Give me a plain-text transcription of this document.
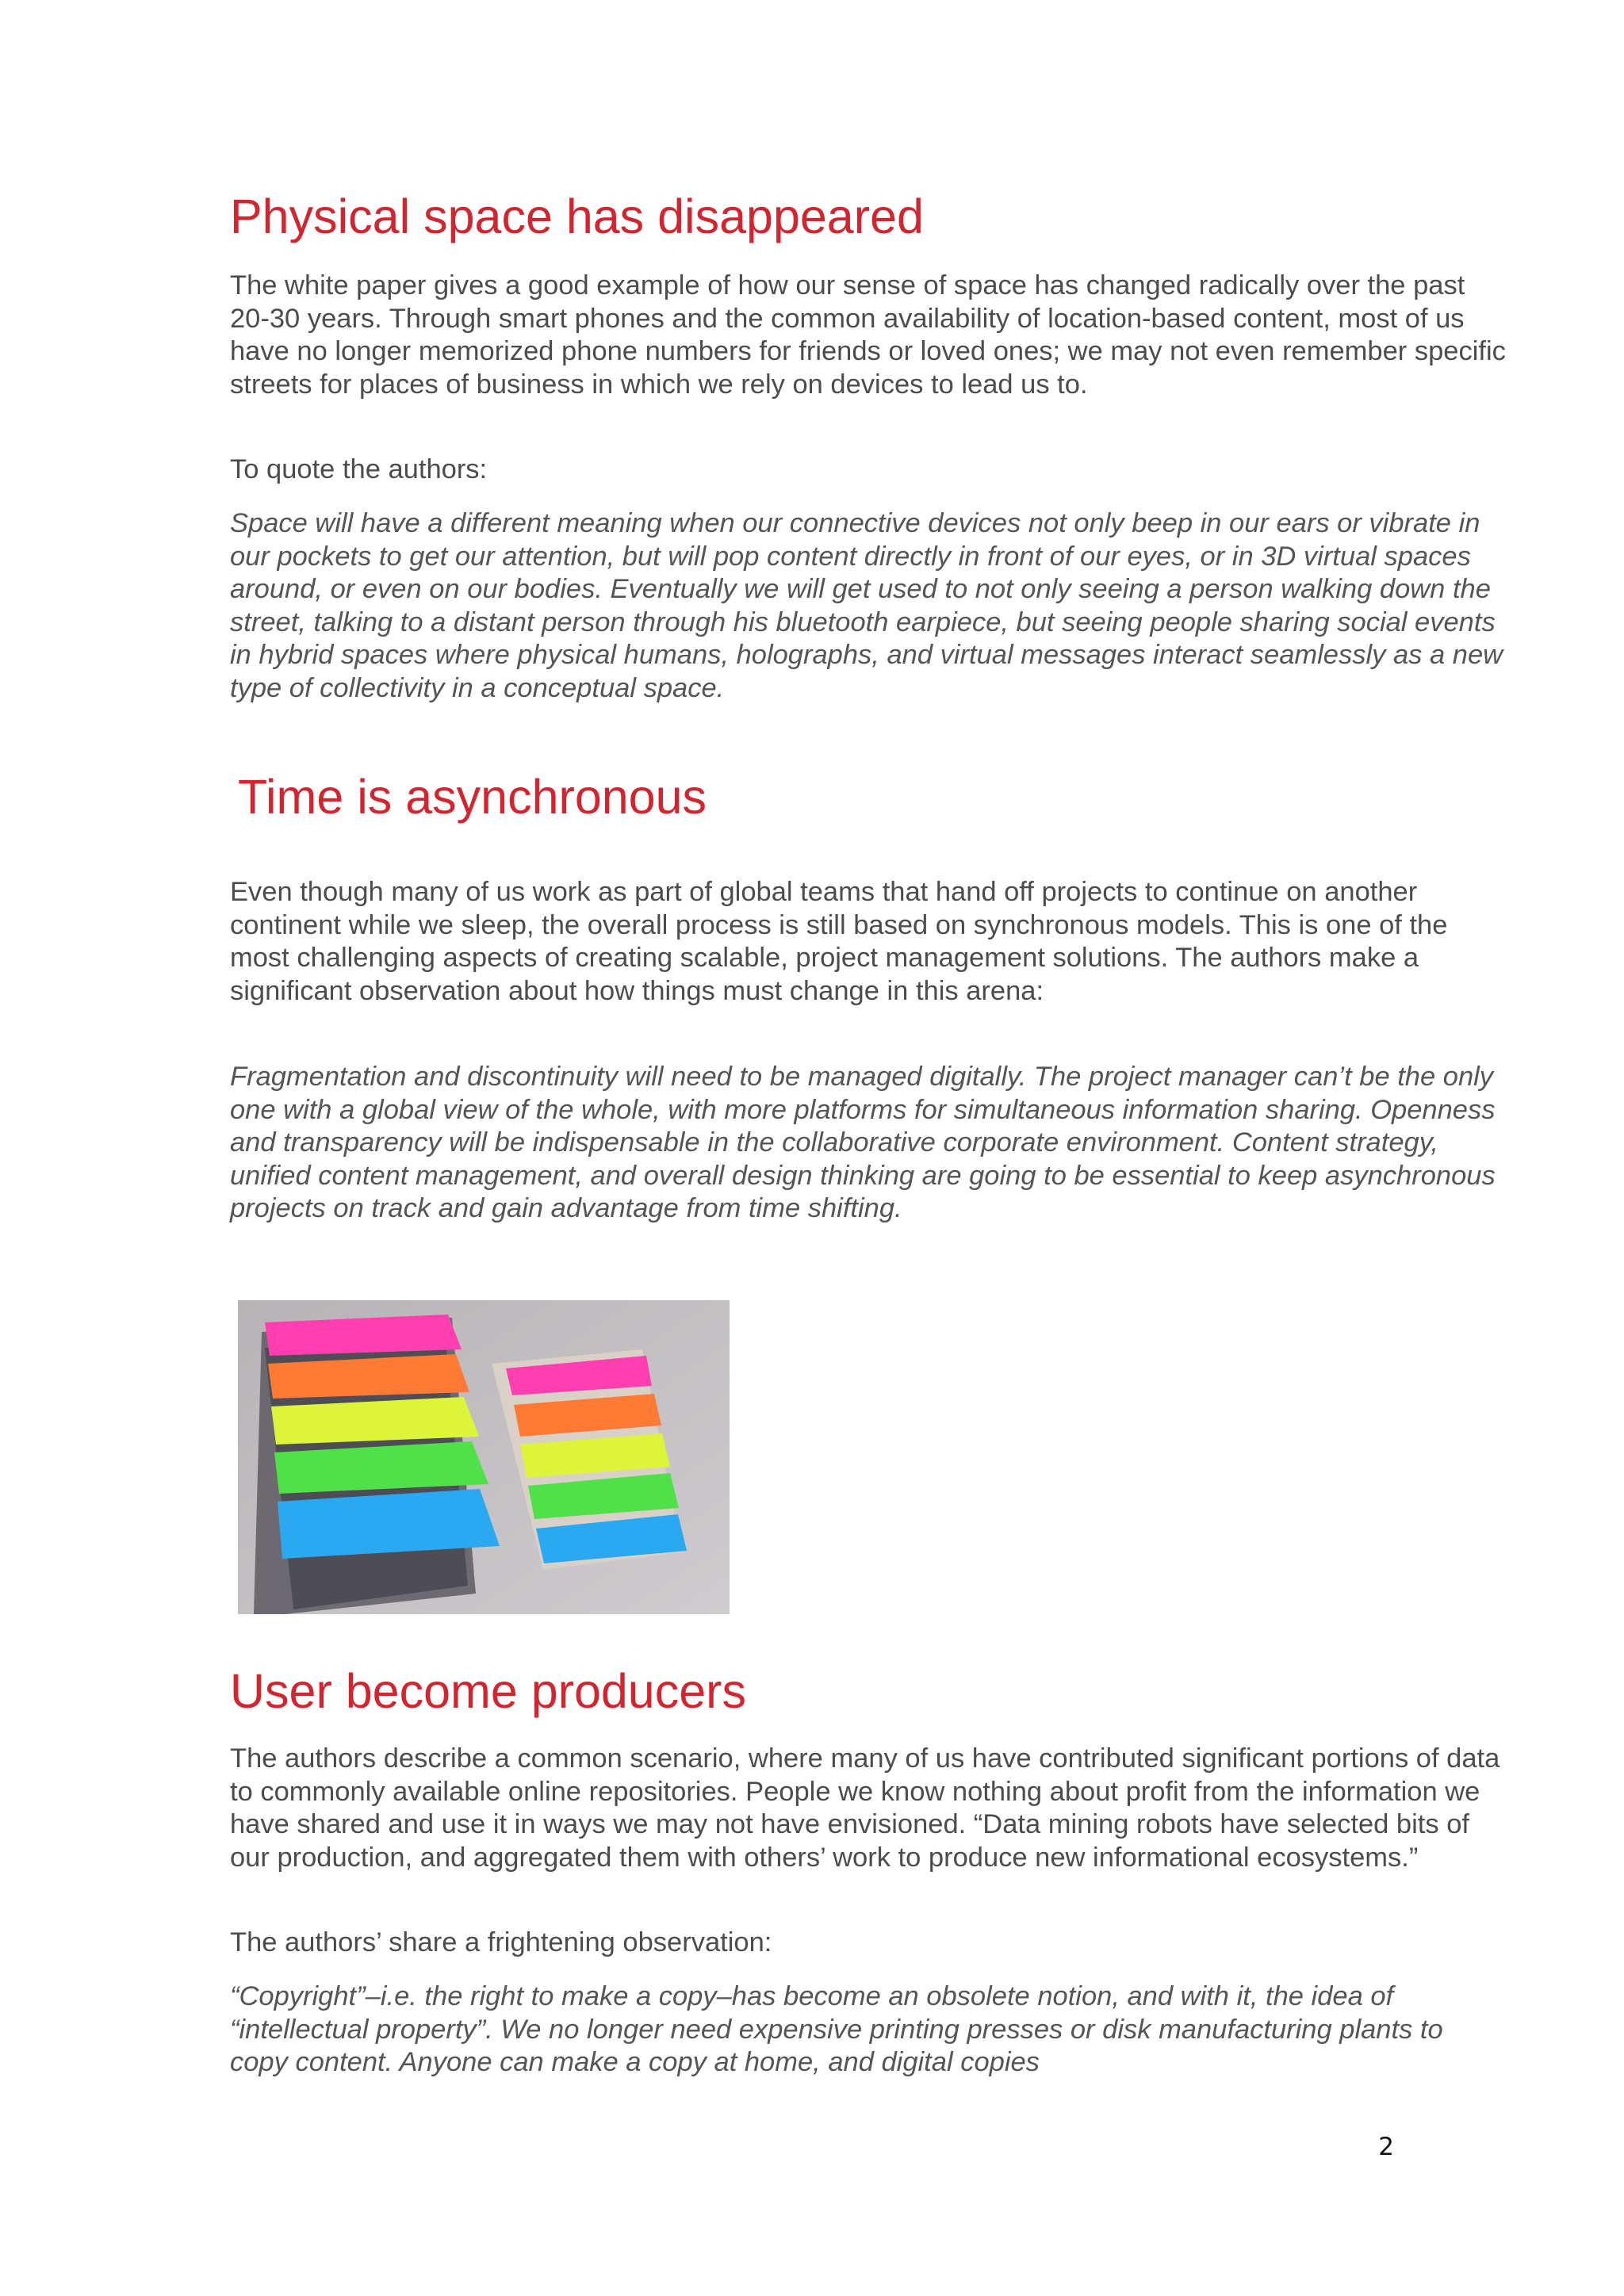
Physical space has disappeared

The white paper gives a good example of how our sense of space has changed radically over the past 20-30 years. Through smart phones and the common availability of location-based content, most of us have no longer memorized phone numbers for friends or loved ones; we may not even remember specific streets for places of business in which we rely on devices to lead us to.

To quote the authors:

Space will have a different meaning when our connective devices not only beep in our ears or vibrate in our pockets to get our attention, but will pop content directly in front of our eyes, or in 3D virtual spaces around, or even on our bodies. Eventually we will get used to not only seeing a person walking down the street, talking to a distant person through his bluetooth earpiece, but seeing people sharing social events in hybrid spaces where physical humans, holographs, and virtual messages interact seamlessly as a new type of collectivity in a conceptual space.

Time is asynchronous

Even though many of us work as part of global teams that hand off projects to continue on another continent while we sleep, the overall process is still based on synchronous models. This is one of the most challenging aspects of creating scalable, project management solutions. The authors make a significant observation about how things must change in this arena:

Fragmentation and discontinuity will need to be managed digitally. The project manager can’t be the only one with a global view of the whole, with more platforms for simultaneous information sharing. Openness and transparency will be indispensable in the collaborative corporate environment. Content strategy, unified content management, and overall design thinking are going to be essential to keep asynchronous projects on track and gain advantage from time shifting.

User become producers

The authors describe a common scenario, where many of us have contributed significant portions of data to commonly available online repositories. People we know nothing about profit from the information we have shared and use it in ways we may not have envisioned. “Data mining robots have selected bits of our production, and aggregated them with others’ work to produce new informational ecosystems.”

The authors’ share a frightening observation:

“Copyright”–i.e. the right to make a copy–has become an obsolete notion, and with it, the idea of “intellectual property”. We no longer need expensive printing presses or disk manufacturing plants to copy content. Anyone can make a copy at home, and digital copies

2
